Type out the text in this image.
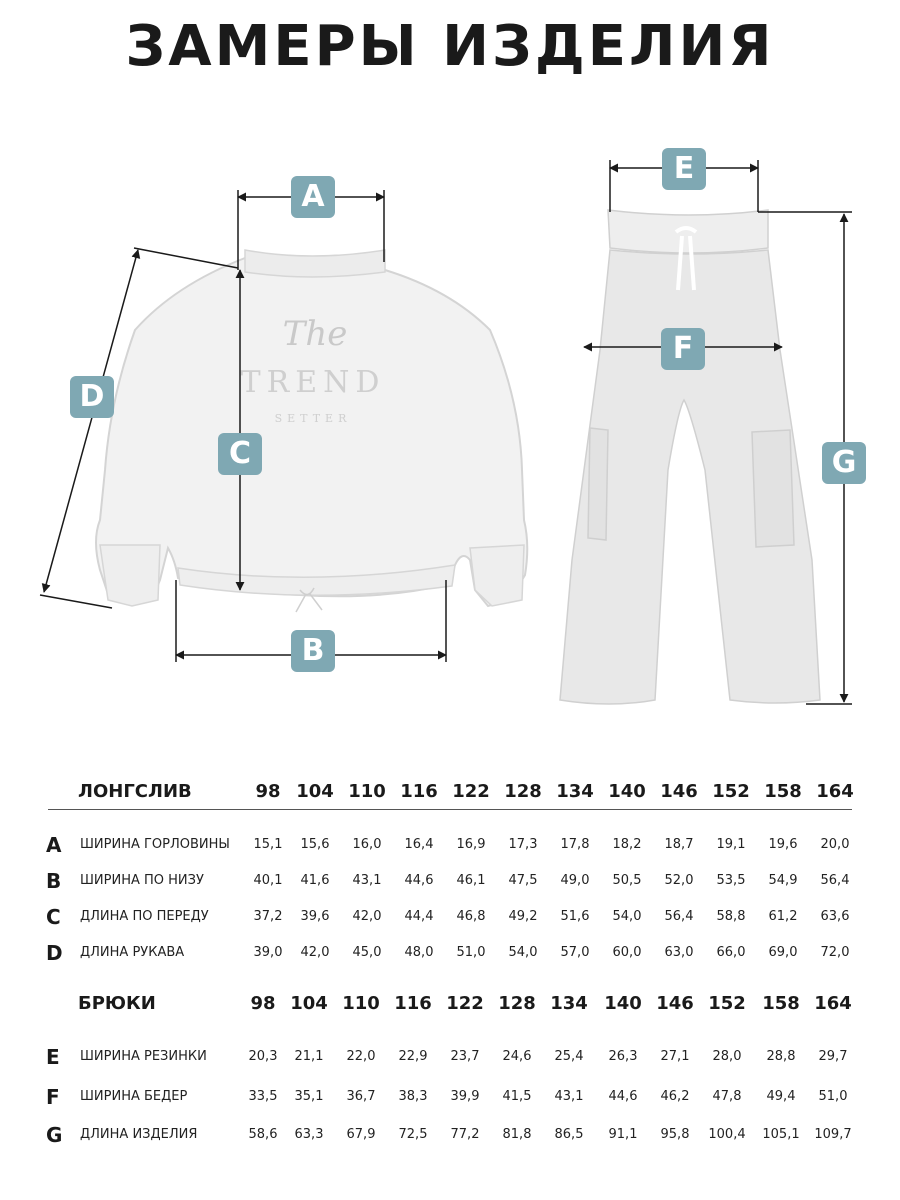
ЗАМЕРЫ ИЗДЕЛИЯ
The
TREND
SETTER
A
C
D
B
E
F
G
ЛОНГСЛИВ	98 104 110 116 122 128 134 140 146 152 158 164
A	ШИРИНА ГОРЛОВИНЫ	15,1	15,6	16,0	16,4	16,9	17,3	17,8	18,2	18,7	19,1	19,6	20,0
B	ШИРИНА ПО НИЗУ	40,1	41,6	43,1	44,6	46,1	47,5	49,0	50,5	52,0	53,5	54,9	56,4
C	ДЛИНА ПО ПЕРЕДУ	37,2	39,6	42,0	44,4	46,8	49,2	51,6	54,0	56,4	58,8	61,2	63,6
D	ДЛИНА РУКАВА	39,0	42,0	45,0	48,0	51,0	54,0	57,0	60,0	63,0	66,0	69,0	72,0
БРЮКИ	98 104 110 116 122 128 134 140 146 152 158 164
E	ШИРИНА РЕЗИНКИ	20,3	21,1	22,0	22,9	23,7	24,6	25,4	26,3	27,1	28,0	28,8	29,7
F	ШИРИНА БЕДЕР	33,5	35,1	36,7	38,3	39,9	41,5	43,1	44,6	46,2	47,8	49,4	51,0
G	ДЛИНА ИЗДЕЛИЯ	58,6	63,3	67,9	72,5	77,2	81,8	86,5	91,1	95,8	100,4	105,1	109,7
